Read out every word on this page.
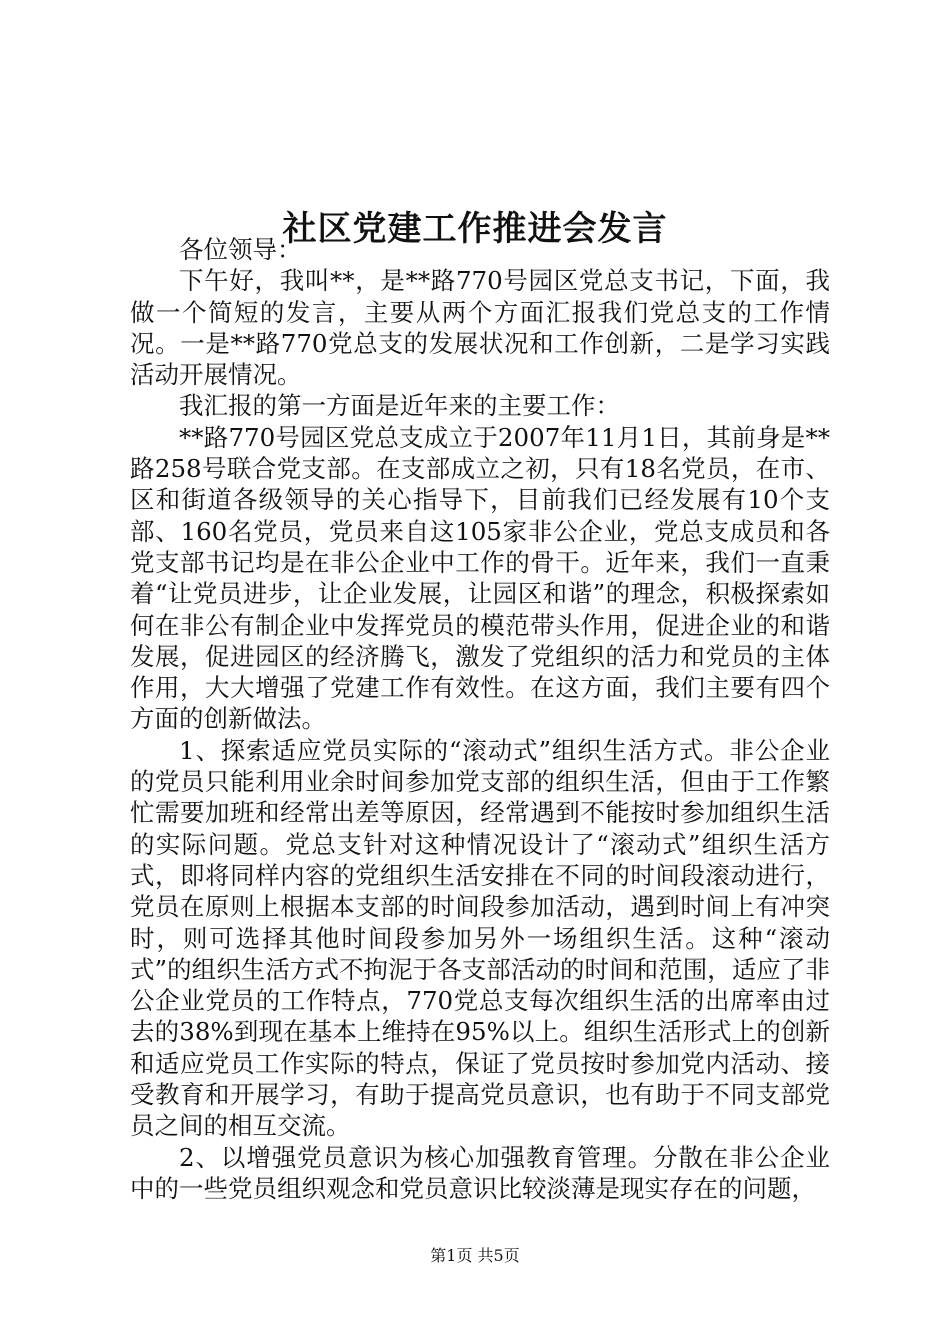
社区党建工作推进会发言

各位领导：

下午好，我叫**，是**路770号园区党总支书记，下面，我做一个简短的发言，主要从两个方面汇报我们党总支的工作情况。一是**路770党总支的发展状况和工作创新，二是学习实践活动开展情况。

我汇报的第一方面是近年来的主要工作：

**路770号园区党总支成立于2007年11月1日，其前身是**路258号联合党支部。在支部成立之初，只有18名党员，在市、区和街道各级领导的关心指导下，目前我们已经发展有10个支部、160名党员，党员来自这105家非公企业，党总支成员和各党支部书记均是在非公企业中工作的骨干。近年来，我们一直秉着“让党员进步，让企业发展，让园区和谐”的理念，积极探索如何在非公有制企业中发挥党员的模范带头作用，促进企业的和谐发展，促进园区的经济腾飞，激发了党组织的活力和党员的主体作用，大大增强了党建工作有效性。在这方面，我们主要有四个方面的创新做法。

1、探索适应党员实际的“滚动式”组织生活方式。非公企业的党员只能利用业余时间参加党支部的组织生活，但由于工作繁忙需要加班和经常出差等原因，经常遇到不能按时参加组织生活的实际问题。党总支针对这种情况设计了“滚动式”组织生活方式，即将同样内容的党组织生活安排在不同的时间段滚动进行，党员在原则上根据本支部的时间段参加活动，遇到时间上有冲突时，则可选择其他时间段参加另外一场组织生活。这种“滚动式”的组织生活方式不拘泥于各支部活动的时间和范围，适应了非公企业党员的工作特点，770党总支每次组织生活的出席率由过去的38%到现在基本上维持在95%以上。组织生活形式上的创新和适应党员工作实际的特点，保证了党员按时参加党内活动、接受教育和开展学习，有助于提高党员意识，也有助于不同支部党员之间的相互交流。

2、以增强党员意识为核心加强教育管理。分散在非公企业中的一些党员组织观念和党员意识比较淡薄是现实存在的问题，

第1页 共5页
